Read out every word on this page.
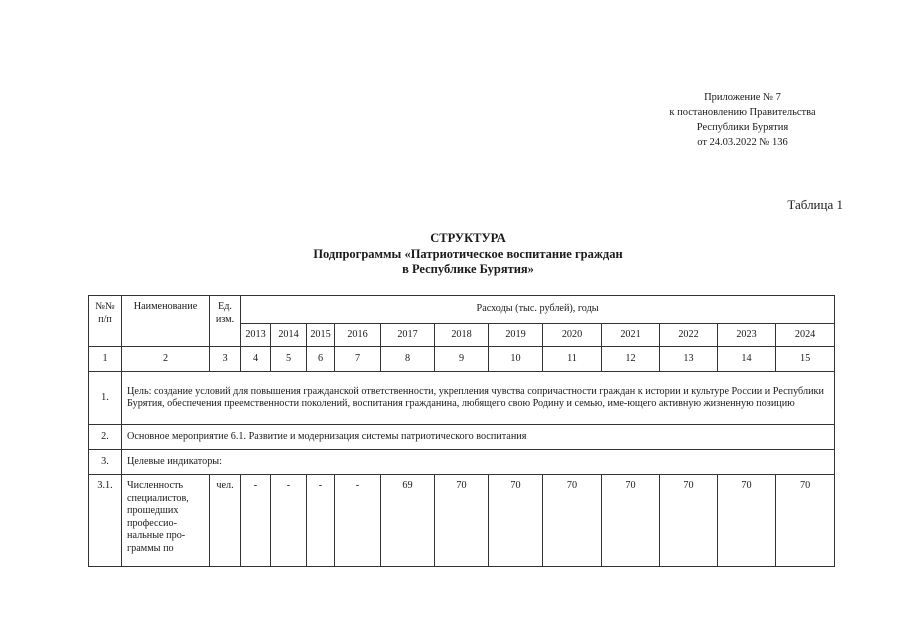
Приложение № 7
к постановлению Правительства
Республики Бурятия
от 24.03.2022 № 136
Таблица 1
СТРУКТУРА
Подпрограммы «Патриотическое воспитание граждан
в Республике Бурятия»
№№ п/п	Наименование	Ед. изм.	Расходы (тыс. рублей), годы											
			2013	2014	2015	2016	2017	2018	2019	2020	2021	2022	2023	2024
1	2	3	4	5	6	7	8	9	10	11	12	13	14	15
1.	Цель: создание условий для повышения гражданской ответственности, укрепления чувства сопричастности граждан к истории и культуре России и Республики Бурятия, обеспечения преемственности поколений, воспитания гражданина, любящего свою Родину и семью, име-ющего активную жизненную позицию													
2.	Основное мероприятие 6.1. Развитие и модернизация системы патриотического воспитания													
3.	Целевые индикаторы:													
3.1.	Численность специалистов, прошедших профессио-нальные про-граммы по	чел.	-	-	-	-	69	70	70	70	70	70	70	70
